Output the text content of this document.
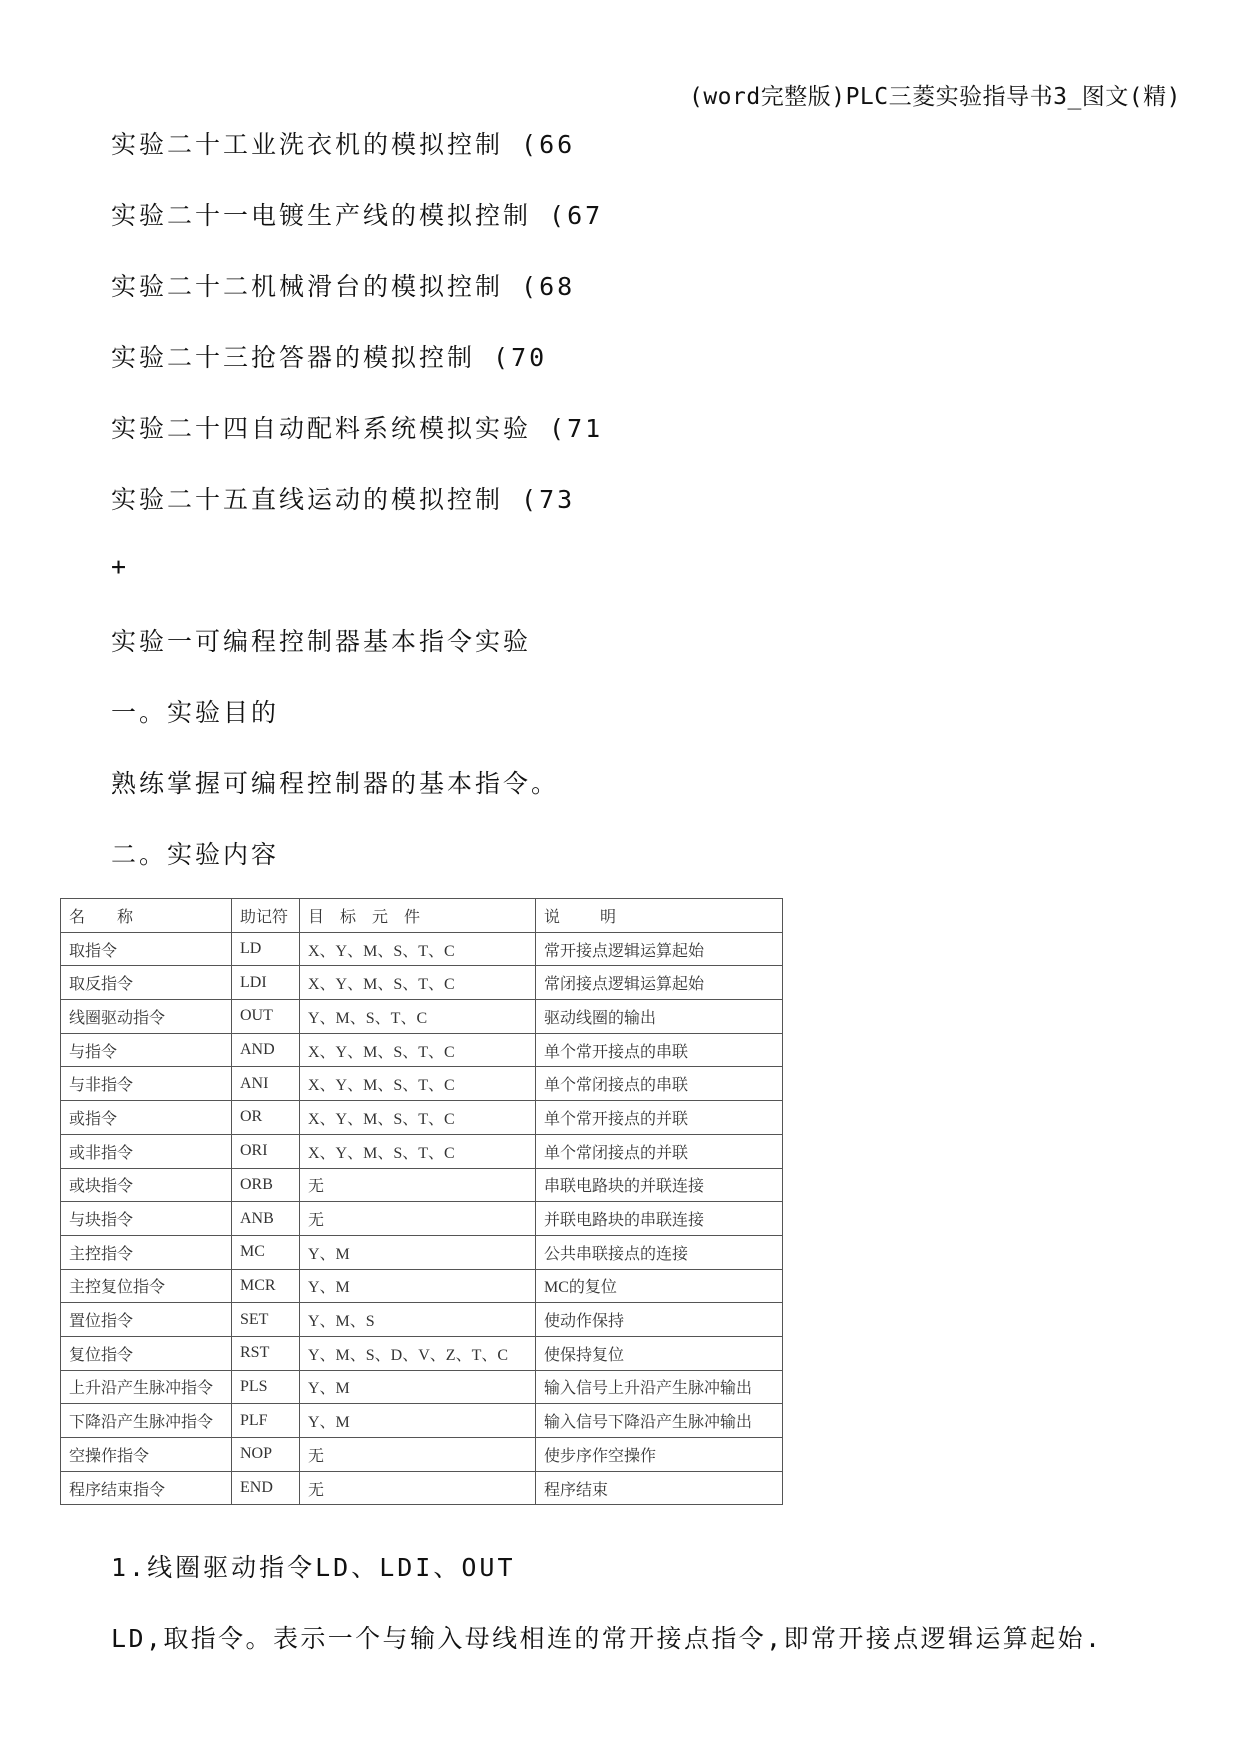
(word完整版)PLC三菱实验指导书3_图文(精)
实验二十工业洗衣机的模拟控制 (66
实验二十一电镀生产线的模拟控制 (67
实验二十二机械滑台的模拟控制 (68
实验二十三抢答器的模拟控制 (70
实验二十四自动配料系统模拟实验 (71
实验二十五直线运动的模拟控制 (73
+
实验一可编程控制器基本指令实验
一。实验目的
熟练掌握可编程控制器的基本指令。
二。实验内容
名 称	助记符	目 标 元 件	说 明
取指令	LD	X、Y、M、S、T、C	常开接点逻辑运算起始
取反指令	LDI	X、Y、M、S、T、C	常闭接点逻辑运算起始
线圈驱动指令	OUT	Y、M、S、T、C	驱动线圈的输出
与指令	AND	X、Y、M、S、T、C	单个常开接点的串联
与非指令	ANI	X、Y、M、S、T、C	单个常闭接点的串联
或指令	OR	X、Y、M、S、T、C	单个常开接点的并联
或非指令	ORI	X、Y、M、S、T、C	单个常闭接点的并联
或块指令	ORB	无	串联电路块的并联连接
与块指令	ANB	无	并联电路块的串联连接
主控指令	MC	Y、M	公共串联接点的连接
主控复位指令	MCR	Y、M	MC的复位
置位指令	SET	Y、M、S	使动作保持
复位指令	RST	Y、M、S、D、V、Z、T、C	使保持复位
上升沿产生脉冲指令	PLS	Y、M	输入信号上升沿产生脉冲输出
下降沿产生脉冲指令	PLF	Y、M	输入信号下降沿产生脉冲输出
空操作指令	NOP	无	使步序作空操作
程序结束指令	END	无	程序结束
1.线圈驱动指令LD、LDI、OUT
LD,取指令。表示一个与输入母线相连的常开接点指令,即常开接点逻辑运算起始.
